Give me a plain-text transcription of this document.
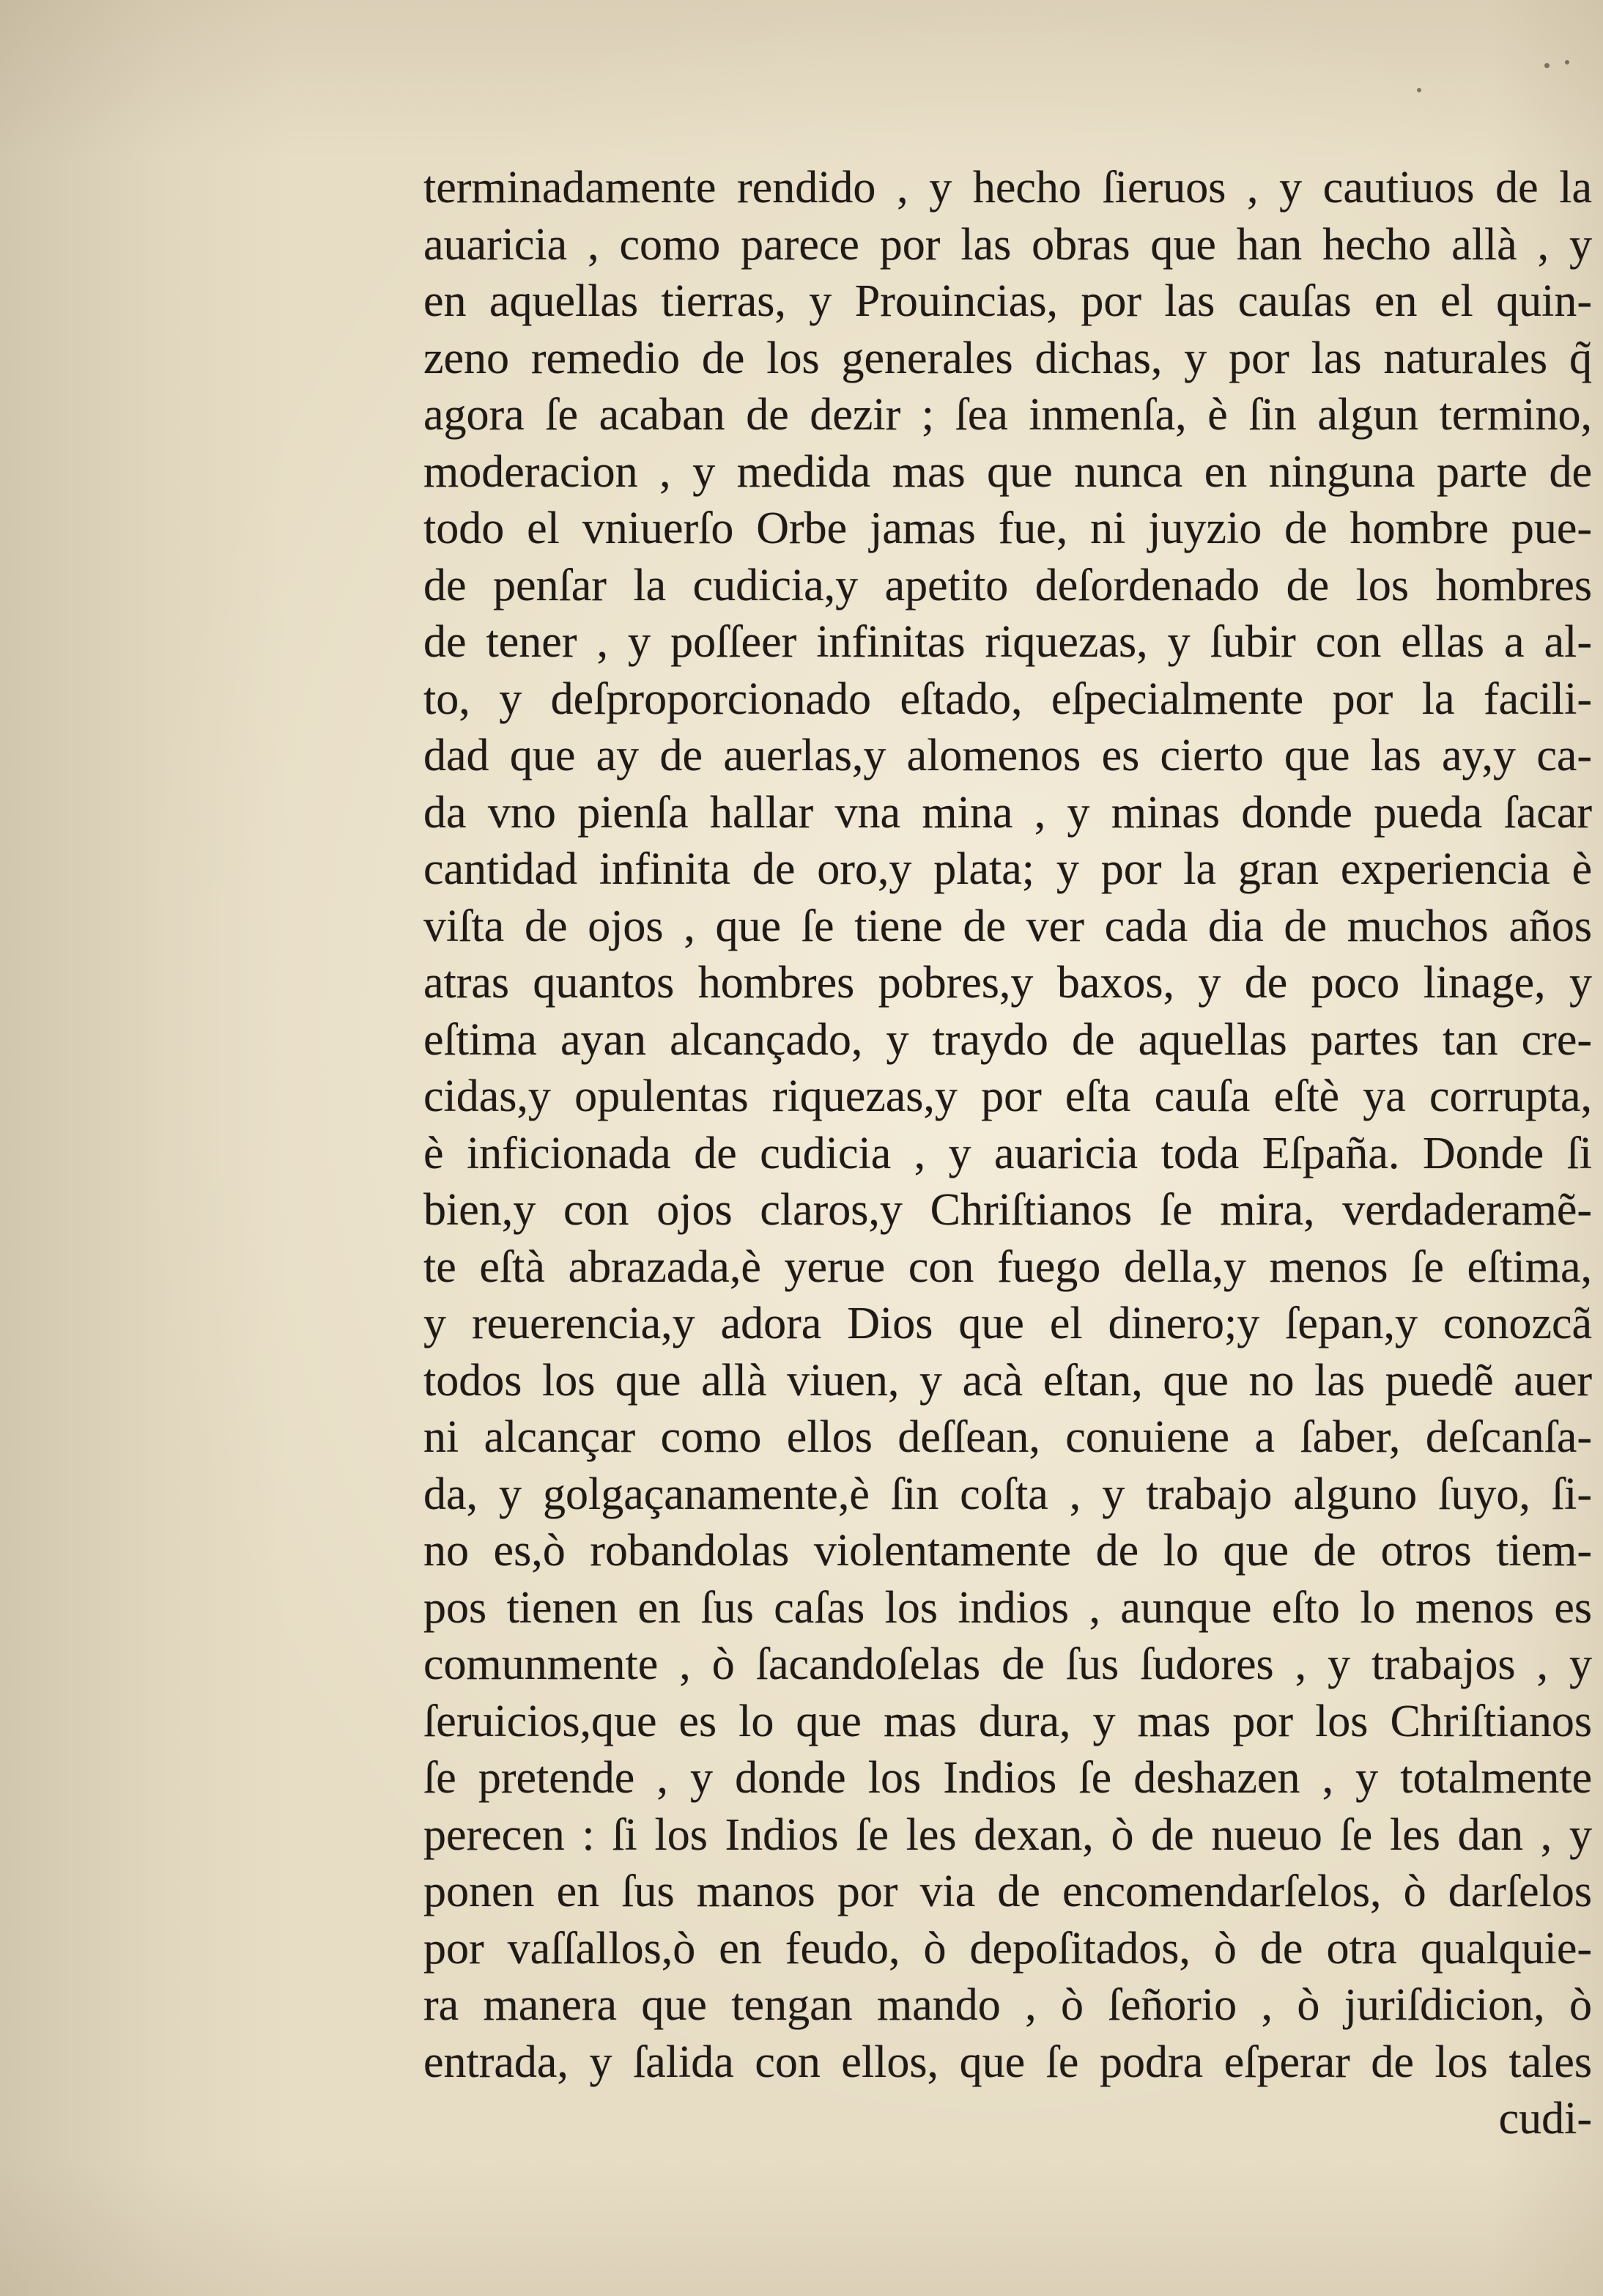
terminadamente rendido , y hecho ſieruos , y cautiuos de la
auaricia , como parece por las obras que han hecho allà , y
en aquellas tierras, y Prouincias, por las cauſas en el quin-
zeno remedio de los generales dichas, y por las naturales q̃
agora ſe acaban de dezir ; ſea inmenſa, è ſin algun termino,
moderacion , y medida mas que nunca en ninguna parte de
todo el vniuerſo Orbe jamas fue, ni juyzio de hombre pue-
de penſar la cudicia,y apetito deſordenado de los hombres
de tener , y poſſeer infinitas riquezas, y ſubir con ellas a al-
to, y deſproporcionado eſtado, eſpecialmente por la facili-
dad que ay de auerlas,y alomenos es cierto que las ay,y ca-
da vno pienſa hallar vna mina , y minas donde pueda ſacar
cantidad infinita de oro,y plata; y por la gran experiencia è
viſta de ojos , que ſe tiene de ver cada dia de muchos años
atras quantos hombres pobres,y baxos, y de poco linage, y
eſtima ayan alcançado, y traydo de aquellas partes tan cre-
cidas,y opulentas riquezas,y por eſta cauſa eſtè ya corrupta,
è inficionada de cudicia , y auaricia toda Eſpaña. Donde ſi
bien,y con ojos claros,y Chriſtianos ſe mira, verdaderamẽ-
te eſtà abrazada,è yerue con fuego della,y menos ſe eſtima,
y reuerencia,y adora Dios que el dinero;y ſepan,y conozcã
todos los que allà viuen, y acà eſtan, que no las puedẽ auer
ni alcançar como ellos deſſean, conuiene a ſaber, deſcanſa-
da, y golgaçanamente,è ſin coſta , y trabajo alguno ſuyo, ſi-
no es,ò robandolas violentamente de lo que de otros tiem-
pos tienen en ſus caſas los indios , aunque eſto lo menos es
comunmente , ò ſacandoſelas de ſus ſudores , y trabajos , y
ſeruicios,que es lo que mas dura, y mas por los Chriſtianos
ſe pretende , y donde los Indios ſe deshazen , y totalmente
perecen : ſi los Indios ſe les dexan, ò de nueuo ſe les dan , y
ponen en ſus manos por via de encomendarſelos, ò darſelos
por vaſſallos,ò en feudo, ò depoſitados, ò de otra qualquie-
ra manera que tengan mando , ò ſeñorio , ò juriſdicion, ò
entrada, y ſalida con ellos, que ſe podra eſperar de los tales
cudi-
